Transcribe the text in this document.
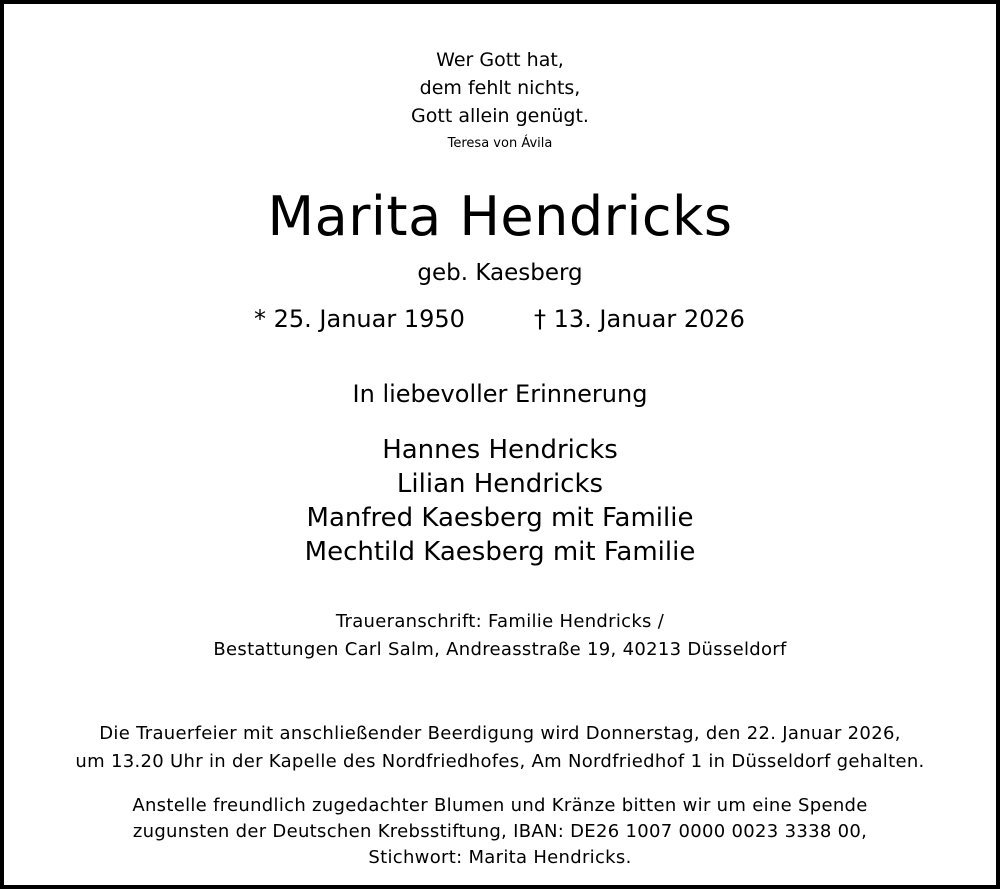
Wer Gott hat,
dem fehlt nichts,
Gott allein genügt.
Teresa von Ávila
Marita Hendricks
geb. Kaesberg
* 25. Januar 1950	† 13. Januar 2026
In liebevoller Erinnerung
Hannes Hendricks
Lilian Hendricks
Manfred Kaesberg mit Familie
Mechtild Kaesberg mit Familie
Traueranschrift: Familie Hendricks /
Bestattungen Carl Salm, Andreasstraße 19, 40213 Düsseldorf
Die Trauerfeier mit anschließender Beerdigung wird Donnerstag, den 22. Januar 2026,
um 13.20 Uhr in der Kapelle des Nordfriedhofes, Am Nordfriedhof 1 in Düsseldorf gehalten.
Anstelle freundlich zugedachter Blumen und Kränze bitten wir um eine Spende
zugunsten der Deutschen Krebsstiftung, IBAN: DE26 1007 0000 0023 3338 00,
Stichwort: Marita Hendricks.
